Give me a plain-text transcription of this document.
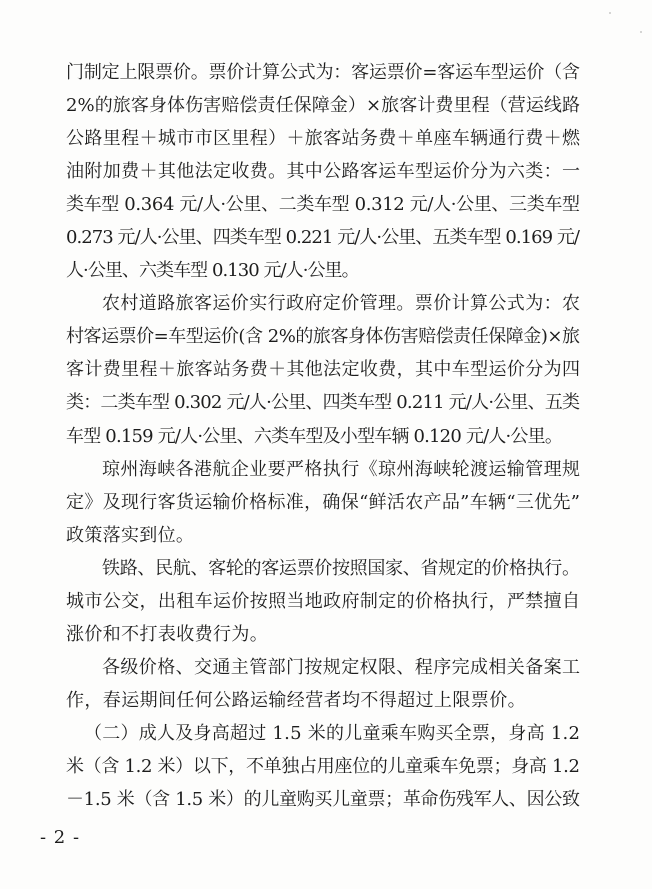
门制定上限票价。票价计算公式为：客运票价=客运车型运价（含
2%的旅客身体伤害赔偿责任保障金）×旅客计费里程（营运线路
公路里程＋城市市区里程）＋旅客站务费＋单座车辆通行费＋燃
油附加费＋其他法定收费。其中公路客运车型运价分为六类：一
类车型 0.364 元/人·公里、二类车型 0.312 元/人·公里、三类车型
0.273 元/人·公里、四类车型 0.221 元/人·公里、五类车型 0.169 元/
人·公里、六类车型 0.130 元/人·公里。
农村道路旅客运价实行政府定价管理。票价计算公式为：农
村客运票价=车型运价(含 2%的旅客身体伤害赔偿责任保障金)×旅
客计费里程＋旅客站务费＋其他法定收费，其中车型运价分为四
类：二类车型 0.302 元/人·公里、四类车型 0.211 元/人·公里、五类
车型 0.159 元/人·公里、六类车型及小型车辆 0.120 元/人·公里。
琼州海峡各港航企业要严格执行《琼州海峡轮渡运输管理规
定》及现行客货运输价格标准，确保“鲜活农产品”车辆“三优先”
政策落实到位。
铁路、民航、客轮的客运票价按照国家、省规定的价格执行。
城市公交，出租车运价按照当地政府制定的价格执行，严禁擅自
涨价和不打表收费行为。
各级价格、交通主管部门按规定权限、程序完成相关备案工
作，春运期间任何公路运输经营者均不得超过上限票价。
（二）成人及身高超过 1.5 米的儿童乘车购买全票，身高 1.2
米（含 1.2 米）以下，不单独占用座位的儿童乘车免票；身高 1.2
－1.5 米（含 1.5 米）的儿童购买儿童票；革命伤残军人、因公致
- 2 -
